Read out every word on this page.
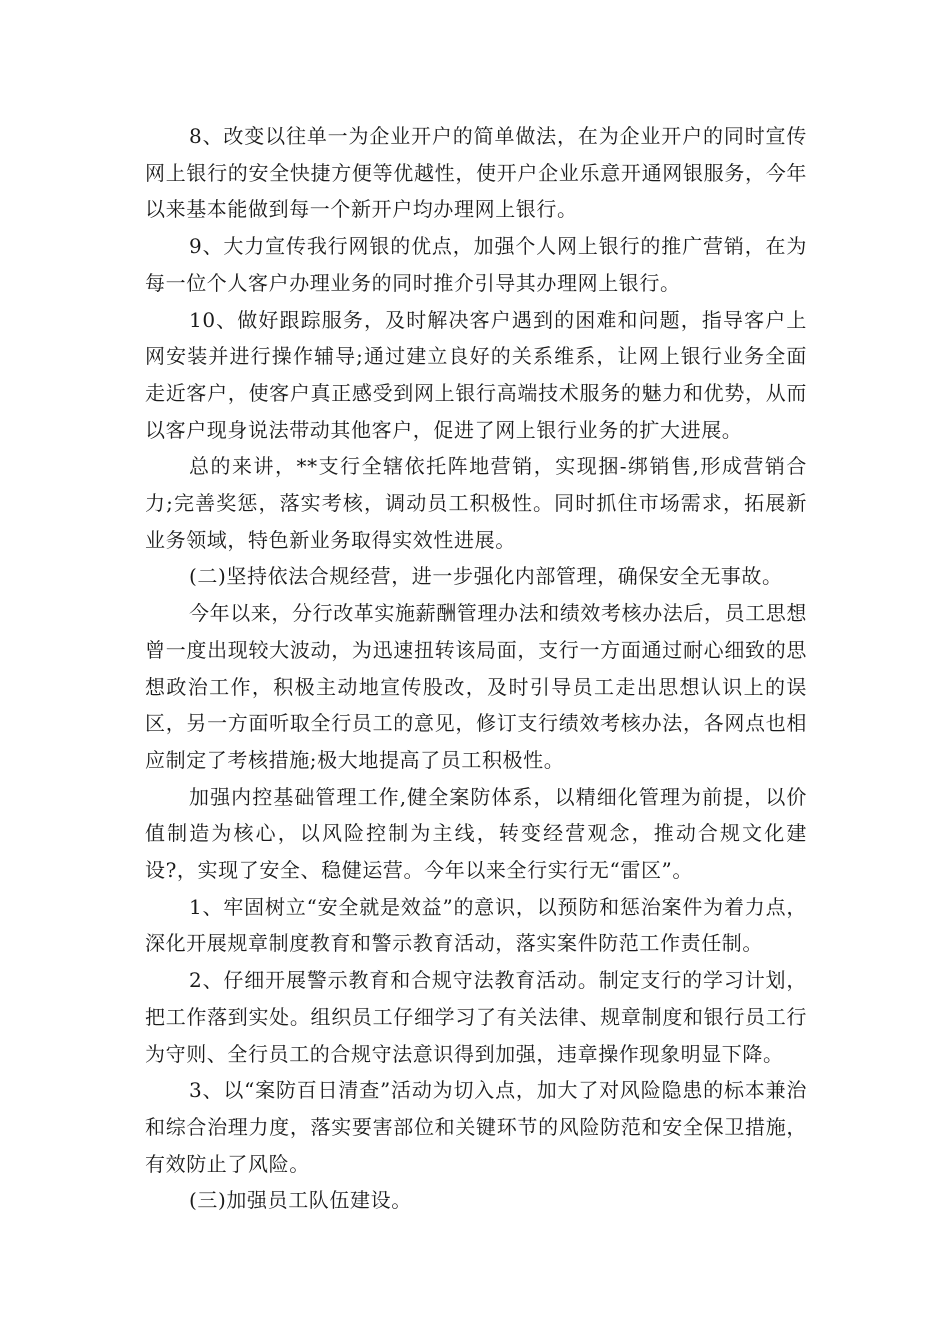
8、改变以往单一为企业开户的简单做法，在为企业开户的同时宣传网上银行的安全快捷方便等优越性，使开户企业乐意开通网银服务，今年以来基本能做到每一个新开户均办理网上银行。

9、大力宣传我行网银的优点，加强个人网上银行的推广营销，在为每一位个人客户办理业务的同时推介引导其办理网上银行。

10、做好跟踪服务，及时解决客户遇到的困难和问题，指导客户上网安装并进行操作辅导;通过建立良好的关系维系，让网上银行业务全面走近客户，使客户真正感受到网上银行高端技术服务的魅力和优势，从而以客户现身说法带动其他客户，促进了网上银行业务的扩大进展。

总的来讲，**支行全辖依托阵地营销，实现捆-绑销售,形成营销合力;完善奖惩，落实考核，调动员工积极性。同时抓住市场需求，拓展新业务领域，特色新业务取得实效性进展。

(二)坚持依法合规经营，进一步强化内部管理，确保安全无事故。

今年以来，分行改革实施薪酬管理办法和绩效考核办法后，员工思想曾一度出现较大波动，为迅速扭转该局面，支行一方面通过耐心细致的思想政治工作，积极主动地宣传股改，及时引导员工走出思想认识上的误区，另一方面听取全行员工的意见，修订支行绩效考核办法，各网点也相应制定了考核措施;极大地提高了员工积极性。

加强内控基础管理工作,健全案防体系，以精细化管理为前提，以价值制造为核心，以风险控制为主线，转变经营观念，推动合规文化建设?，实现了安全、稳健运营。今年以来全行实行无“雷区”。

1、牢固树立“安全就是效益”的意识，以预防和惩治案件为着力点，深化开展规章制度教育和警示教育活动，落实案件防范工作责任制。

2、仔细开展警示教育和合规守法教育活动。制定支行的学习计划，把工作落到实处。组织员工仔细学习了有关法律、规章制度和银行员工行为守则、全行员工的合规守法意识得到加强，违章操作现象明显下降。

3、以“案防百日清查”活动为切入点，加大了对风险隐患的标本兼治和综合治理力度，落实要害部位和关键环节的风险防范和安全保卫措施，有效防止了风险。

(三)加强员工队伍建设。
